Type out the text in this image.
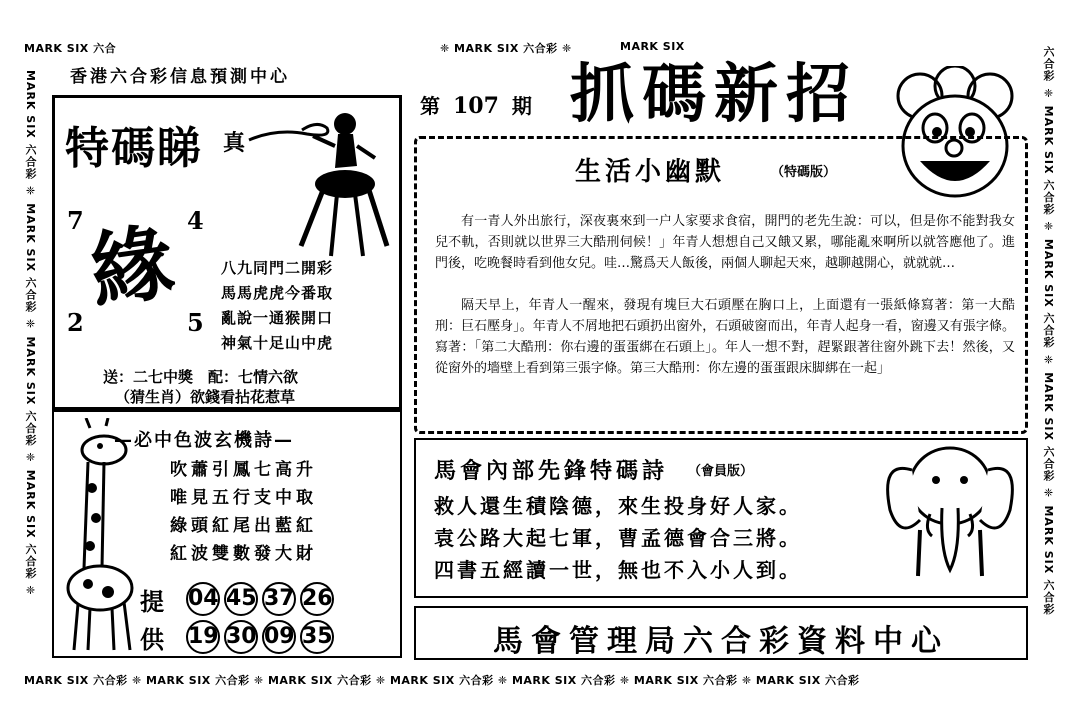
MARK SIX 六合	❈ MARK SIX 六合彩 ❈	MARK SIX
MARK SIX 六合彩 ❈ MARK SIX 六合彩 ❈ MARK SIX 六合彩 ❈ MARK SIX 六合彩 ❈	六合彩 ❈ MARK SIX 六合彩 ❈ MARK SIX 六合彩 ❈ MARK SIX 六合彩 ❈ MARK SIX 六合彩
MARK SIX 六合彩 ❈ MARK SIX 六合彩 ❈ MARK SIX 六合彩 ❈ MARK SIX 六合彩 ❈ MARK SIX 六合彩 ❈ MARK SIX 六合彩 ❈ MARK SIX 六合彩
香港六合彩信息預測中心
第 107 期 抓碼新招
特碼睇 真
7	4
2	5
緣	八九同門二開彩
馬馬虎虎今番取
亂說一通猴開口
神氣十足山中虎
送：二七中獎　配：七情六欲
（猜生肖）欲錢看拈花惹草
—必中色波玄機詩—
吹蕭引鳳七高升
唯見五行支中取
綠頭紅尾出藍紅
紅波雙數發大財
提
供
04 45 37 26
19 30 09 35
生活小幽默	（特碼版）
有一青人外出旅行，深夜裏來到一户人家要求食宿，開門的老先生說：可以，但是你不能對我女兒不軌，否則就以世界三大酷刑伺候！」年青人想想自己又餓又累，哪能亂來啊所以就答應他了。進門後，吃晚餐時看到他女兒。哇…驚爲天人飯後，兩個人聊起天來，越聊越開心，就就就…
隔天早上，年青人一醒來，發現有塊巨大石頭壓在胸口上，上面還有一張紙條寫著：第一大酷刑：巨石壓身」。年青人不屑地把石頭扔出窗外，石頭破窗而出，年青人起身一看，窗邊又有張字條。寫著：「第二大酷刑：你右邊的蛋蛋綁在石頭上」。年人一想不對，趕緊跟著往窗外跳下去！然後，又從窗外的墻壁上看到第三張字條。第三大酷刑：你左邊的蛋蛋跟床脚綁在一起」
馬會內部先鋒特碼詩 （會員版）
救人還生積陰德，來生投身好人家。
袁公路大起七軍，曹孟德會合三將。
四書五經讀一世，無也不入小人到。
馬會管理局六合彩資料中心
